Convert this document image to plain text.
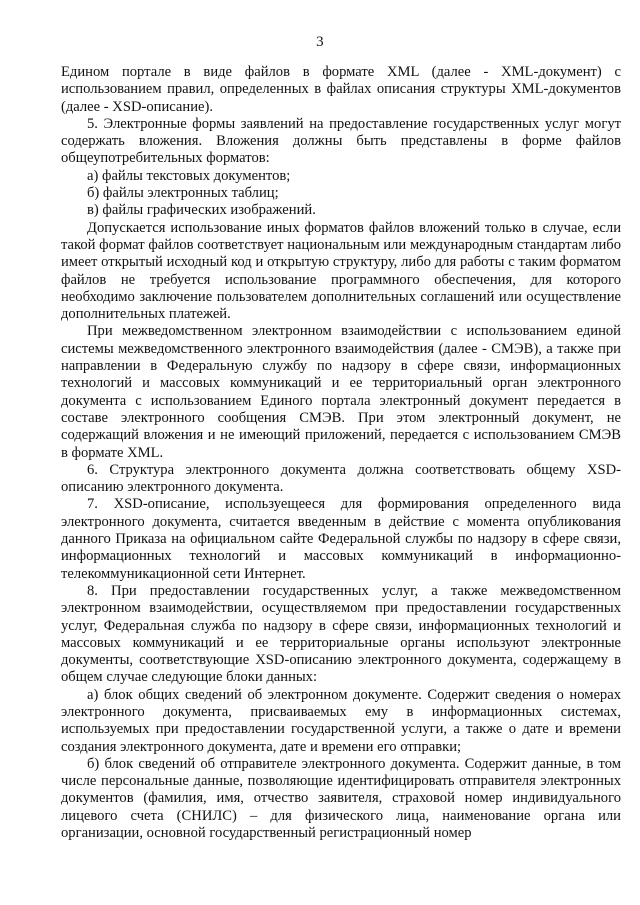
3

Едином портале в виде файлов в формате XML (далее - XML-документ) с использованием правил, определенных в файлах описания структуры XML-документов (далее - XSD-описание).

5. Электронные формы заявлений на предоставление государственных услуг могут содержать вложения. Вложения должны быть представлены в форме файлов общеупотребительных форматов:

а) файлы текстовых документов;

б) файлы электронных таблиц;

в) файлы графических изображений.

Допускается использование иных форматов файлов вложений только в случае, если такой формат файлов соответствует национальным или международным стандартам либо имеет открытый исходный код и открытую структуру, либо для работы с таким форматом файлов не требуется использование программного обеспечения, для которого необходимо заключение пользователем дополнительных соглашений или осуществление дополнительных платежей.

При межведомственном электронном взаимодействии с использованием единой системы межведомственного электронного взаимодействия (далее - СМЭВ), а также при направлении в Федеральную службу по надзору в сфере связи, информационных технологий и массовых коммуникаций и ее территориальный орган электронного документа с использованием Единого портала электронный документ передается в составе электронного сообщения СМЭВ. При этом электронный документ, не содержащий вложения и не имеющий приложений, передается с использованием СМЭВ в формате XML.

6. Структура электронного документа должна соответствовать общему XSD-описанию электронного документа.

7. XSD-описание, используещееся для формирования определенного вида электронного документа, считается введенным в действие с момента опубликования данного Приказа на официальном сайте Федеральной службы по надзору в сфере связи, информационных технологий и массовых коммуникаций в информационно-телекоммуникационной сети Интернет.

8. При предоставлении государственных услуг, а также межведомственном электронном взаимодействии, осуществляемом при предоставлении государственных услуг, Федеральная служба по надзору в сфере связи, информационных технологий и массовых коммуникаций и ее территориальные органы используют электронные документы, соответствующие XSD-описанию электронного документа, содержащему в общем случае следующие блоки данных:

а) блок общих сведений об электронном документе. Содержит сведения о номерах электронного документа, присваиваемых ему в информационных системах, используемых при предоставлении государственной услуги, а также о дате и времени создания электронного документа, дате и времени его отправки;

б) блок сведений об отправителе электронного документа. Содержит данные, в том числе персональные данные, позволяющие идентифицировать отправителя электронных документов (фамилия, имя, отчество заявителя, страховой номер индивидуального лицевого счета (СНИЛС) – для физического лица, наименование органа или организации, основной государственный регистрационный номер
